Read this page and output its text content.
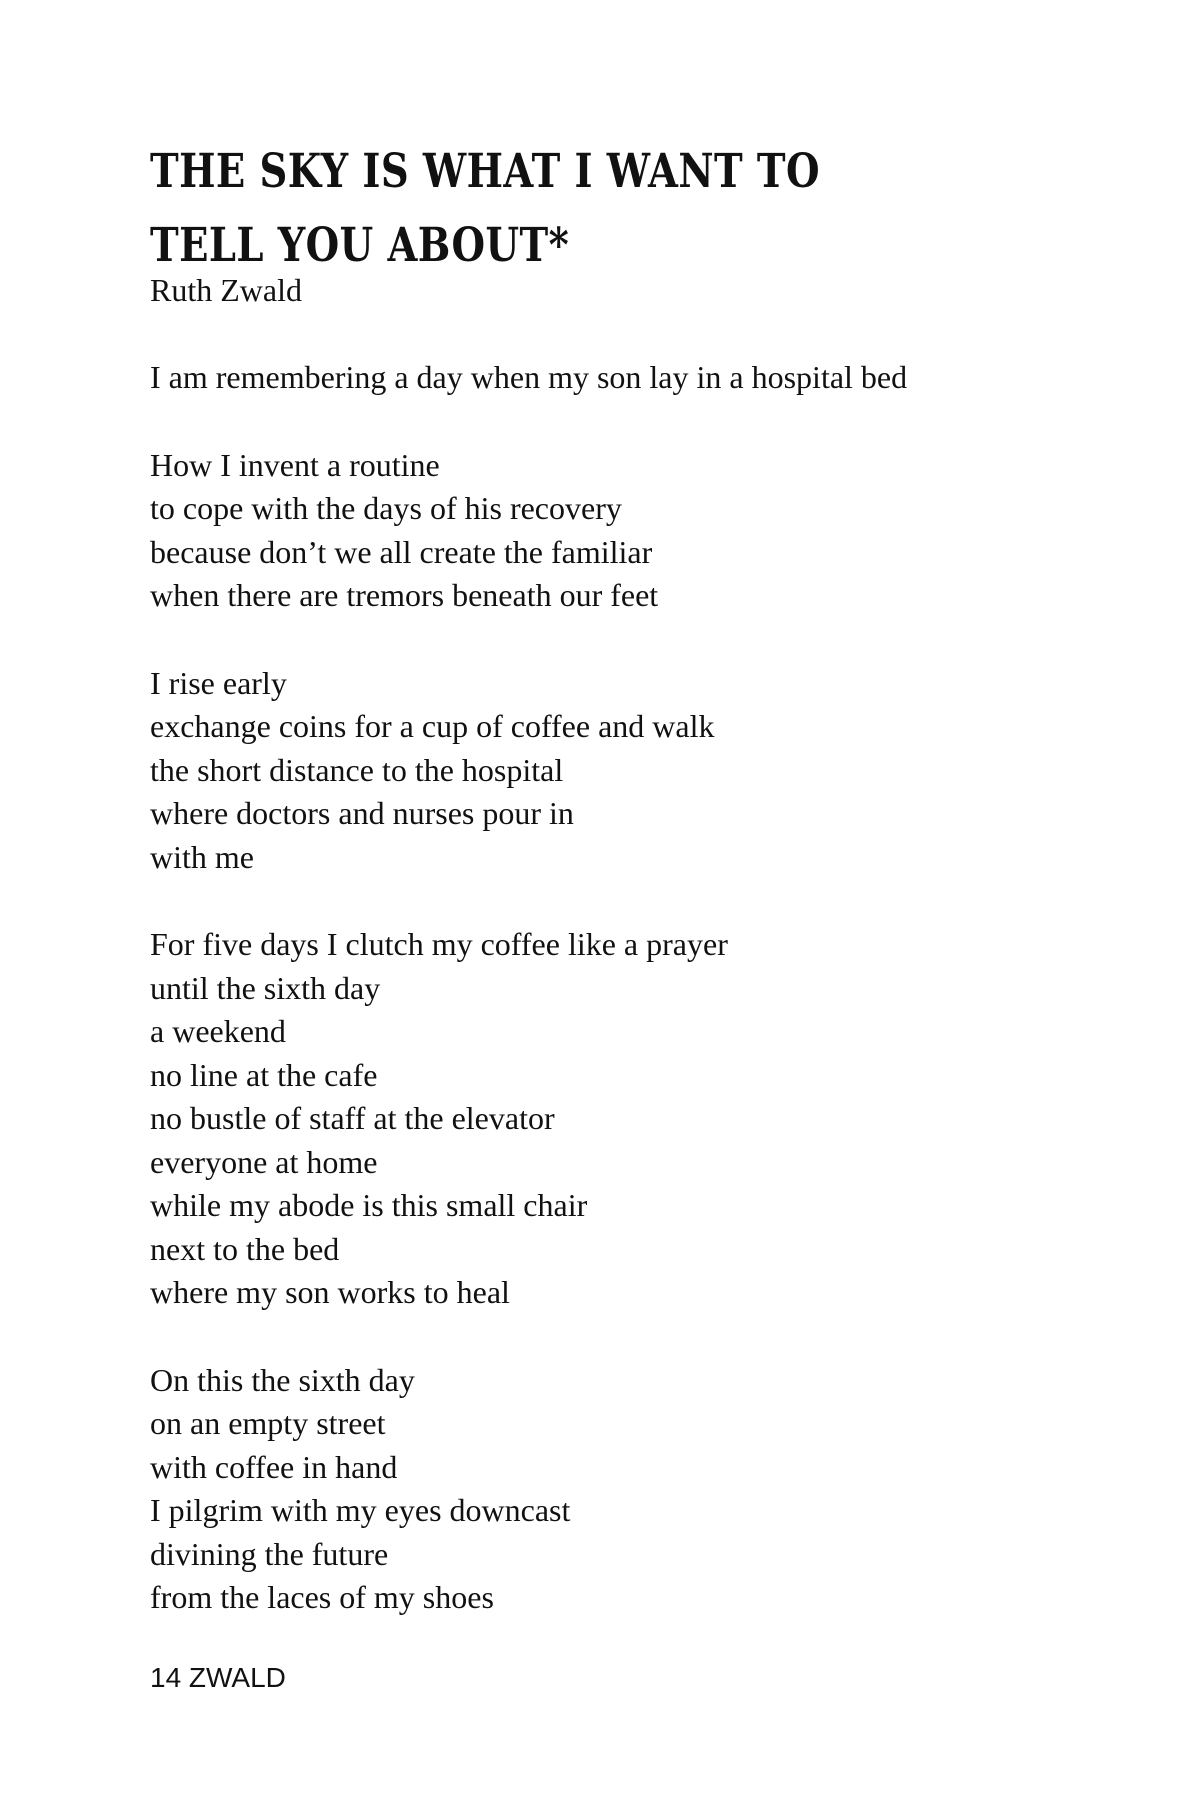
THE SKY IS WHAT I WANT TO TELL YOU ABOUT*

Ruth Zwald

I am remembering a day when my son lay in a hospital bed
How I invent a routine
to cope with the days of his recovery
because don’t we all create the familiar
when there are tremors beneath our feet
I rise early
exchange coins for a cup of coffee and walk
the short distance to the hospital
where doctors and nurses pour in
with me
For five days I clutch my coffee like a prayer
until the sixth day
a weekend
no line at the cafe
no bustle of staff at the elevator
everyone at home
while my abode is this small chair
next to the bed
where my son works to heal
On this the sixth day
on an empty street
with coffee in hand
I pilgrim with my eyes downcast
divining the future
from the laces of my shoes

14 ZWALD
